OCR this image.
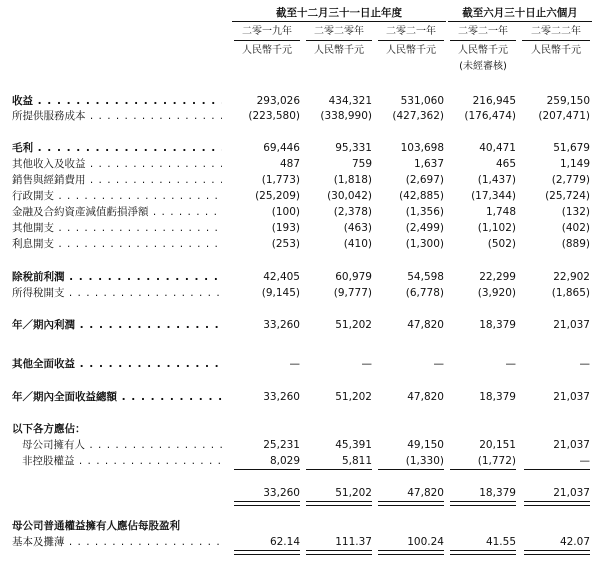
截至十二月三十一日止年度	截至六月三十日止六個月
二零一九年	二零二零年	二零二一年	二零二一年	二零二二年
人民幣千元	人民幣千元	人民幣千元	人民幣千元	人民幣千元
(未經審核)
收益 . . .	293,026	434,321	531,060	216,945	259,150
所提供服務成本 . . .	(223,580)	(338,990)	(427,362)	(176,474)	(207,471)
毛利 . . .	69,446	95,331	103,698	40,471	51,679
其他收入及收益 . . .	487	759	1,637	465	1,149
銷售與經銷費用 . . .	(1,773)	(1,818)	(2,697)	(1,437)	(2,779)
行政開支 . . .	(25,209)	(30,042)	(42,885)	(17,344)	(25,724)
金融及合約資產減值虧損淨額 . . .	(100)	(2,378)	(1,356)	1,748	(132)
其他開支 . . .	(193)	(463)	(2,499)	(1,102)	(402)
利息開支 . . .	(253)	(410)	(1,300)	(502)	(889)
除稅前利潤 . . .	42,405	60,979	54,598	22,299	22,902
所得稅開支 . . .	(9,145)	(9,777)	(6,778)	(3,920)	(1,865)
年／期內利潤 . . .	33,260	51,202	47,820	18,379	21,037
其他全面收益 . . .	—	—	—	—	—
年／期內全面收益總額 . . .	33,260	51,202	47,820	18,379	21,037
以下各方應佔：
母公司擁有人 . . .	25,231	45,391	49,150	20,151	21,037
非控股權益 . . .	8,029	5,811	(1,330)	(1,772)	—
33,260	51,202	47,820	18,379	21,037
母公司普通權益擁有人應佔每股盈利
基本及攤薄 . . .	62.14	111.37	100.24	41.55	42.07
